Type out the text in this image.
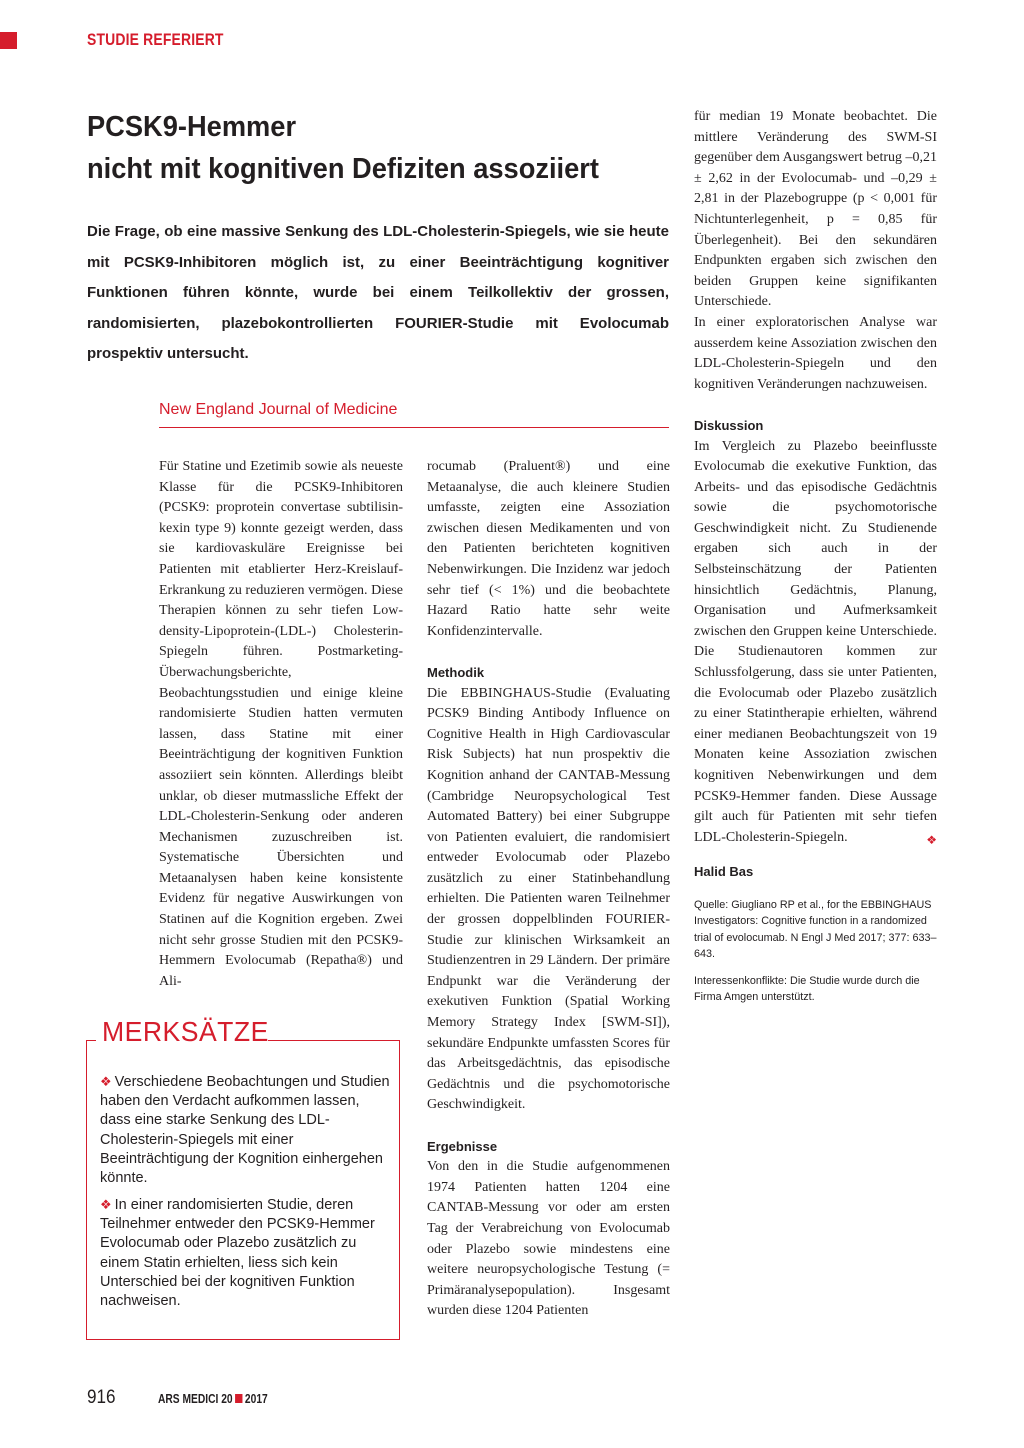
STUDIE REFERIERT
PCSK9-Hemmer
nicht mit kognitiven Defiziten assoziiert

Die Frage, ob eine massive Senkung des LDL-Cholesterin-Spiegels, wie sie heute mit PCSK9-Inhibitoren möglich ist, zu einer Beeinträchtigung kognitiver Funktionen führen könnte, wurde bei einem Teilkollektiv der grossen, randomisierten, plazebokontrollierten FOURIER-Studie mit Evolocumab prospektiv untersucht.

New England Journal of Medicine

Für Statine und Ezetimib sowie als neueste Klasse für die PCSK9-Inhibitoren (PCSK9: proprotein convertase subtilisin-kexin type 9) konnte gezeigt werden, dass sie kardiovaskuläre Ereignisse bei Patienten mit etablierter Herz-Kreislauf-Erkrankung zu reduzieren vermögen. Diese Therapien können zu sehr tiefen Low-density-Lipoprotein-(LDL-) Cholesterin-Spiegeln führen. Postmarketing-Überwachungsberichte, Beobachtungsstudien und einige kleine randomisierte Studien hatten vermuten lassen, dass Statine mit einer Beeinträchtigung der kognitiven Funktion assoziiert sein könnten. Allerdings bleibt unklar, ob dieser mutmassliche Effekt der LDL-Cholesterin-Senkung oder anderen Mechanismen zuzuschreiben ist. Systematische Übersichten und Metaanalysen haben keine konsistente Evidenz für negative Auswirkungen von Statinen auf die Kognition ergeben. Zwei nicht sehr grosse Studien mit den PCSK9-Hemmern Evolocumab (Repatha®) und Ali-

rocumab (Praluent®) und eine Metaanalyse, die auch kleinere Studien umfasste, zeigten eine Assoziation zwischen diesen Medikamenten und von den Patienten berichteten kognitiven Nebenwirkungen. Die Inzidenz war jedoch sehr tief (< 1%) und die beobachtete Hazard Ratio hatte sehr weite Konfidenzintervalle.

Methodik

Die EBBINGHAUS-Studie (Evaluating PCSK9 Binding Antibody Influence on Cognitive Health in High Cardiovascular Risk Subjects) hat nun prospektiv die Kognition anhand der CANTAB-Messung (Cambridge Neuropsychological Test Automated Battery) bei einer Subgruppe von Patienten evaluiert, die randomisiert entweder Evolocumab oder Plazebo zusätzlich zu einer Statinbehandlung erhielten. Die Patienten waren Teilnehmer der grossen doppelblinden FOURIER-Studie zur klinischen Wirksamkeit an Studienzentren in 29 Ländern. Der primäre Endpunkt war die Veränderung der exekutiven Funktion (Spatial Working Memory Strategy Index [SWM-SI]), sekundäre Endpunkte umfassten Scores für das Arbeitsgedächtnis, das episodische Gedächtnis und die psychomotorische Geschwindigkeit.

Ergebnisse

Von den in die Studie aufgenommenen 1974 Patienten hatten 1204 eine CANTAB-Messung vor oder am ersten Tag der Verabreichung von Evolocumab oder Plazebo sowie mindestens eine weitere neuropsychologische Testung (= Primäranalysepopulation). Insgesamt wurden diese 1204 Patienten

für median 19 Monate beobachtet. Die mittlere Veränderung des SWM-SI gegenüber dem Ausgangswert betrug –0,21 ± 2,62 in der Evolocumab- und –0,29 ± 2,81 in der Plazebogruppe (p < 0,001 für Nichtunterlegenheit, p = 0,85 für Überlegenheit). Bei den sekundären Endpunkten ergaben sich zwischen den beiden Gruppen keine signifikanten Unterschiede.

In einer exploratorischen Analyse war ausserdem keine Assoziation zwischen den LDL-Cholesterin-Spiegeln und den kognitiven Veränderungen nachzuweisen.

Diskussion

Im Vergleich zu Plazebo beeinflusste Evolocumab die exekutive Funktion, das Arbeits- und das episodische Gedächtnis sowie die psychomotorische Geschwindigkeit nicht. Zu Studienende ergaben sich auch in der Selbsteinschätzung der Patienten hinsichtlich Gedächtnis, Planung, Organisation und Aufmerksamkeit zwischen den Gruppen keine Unterschiede. Die Studienautoren kommen zur Schlussfolgerung, dass sie unter Patienten, die Evolocumab oder Plazebo zusätzlich zu einer Statintherapie erhielten, während einer medianen Beobachtungszeit von 19 Monaten keine Assoziation zwischen kognitiven Nebenwirkungen und dem PCSK9-Hemmer fanden. Diese Aussage gilt auch für Patienten mit sehr tiefen LDL-Cholesterin-Spiegeln.	❖

Halid Bas
Quelle: Giugliano RP et al., for the EBBINGHAUS Investigators: Cognitive function in a randomized trial of evolocumab. N Engl J Med 2017; 377: 633–643.
Interessenkonflikte: Die Studie wurde durch die Firma Amgen unterstützt.
MERKSÄTZE
❖ Verschiedene Beobachtungen und Studien haben den Verdacht aufkommen lassen, dass eine starke Senkung des LDL-Cholesterin-Spiegels mit einer Beeinträchtigung der Kognition einhergehen könnte.
❖ In einer randomisierten Studie, deren Teilnehmer entweder den PCSK9-Hemmer Evolocumab oder Plazebo zusätzlich zu einem Statin erhielten, liess sich kein Unterschied bei der kognitiven Funktion nachweisen.
916	ARS MEDICI 20 2017
